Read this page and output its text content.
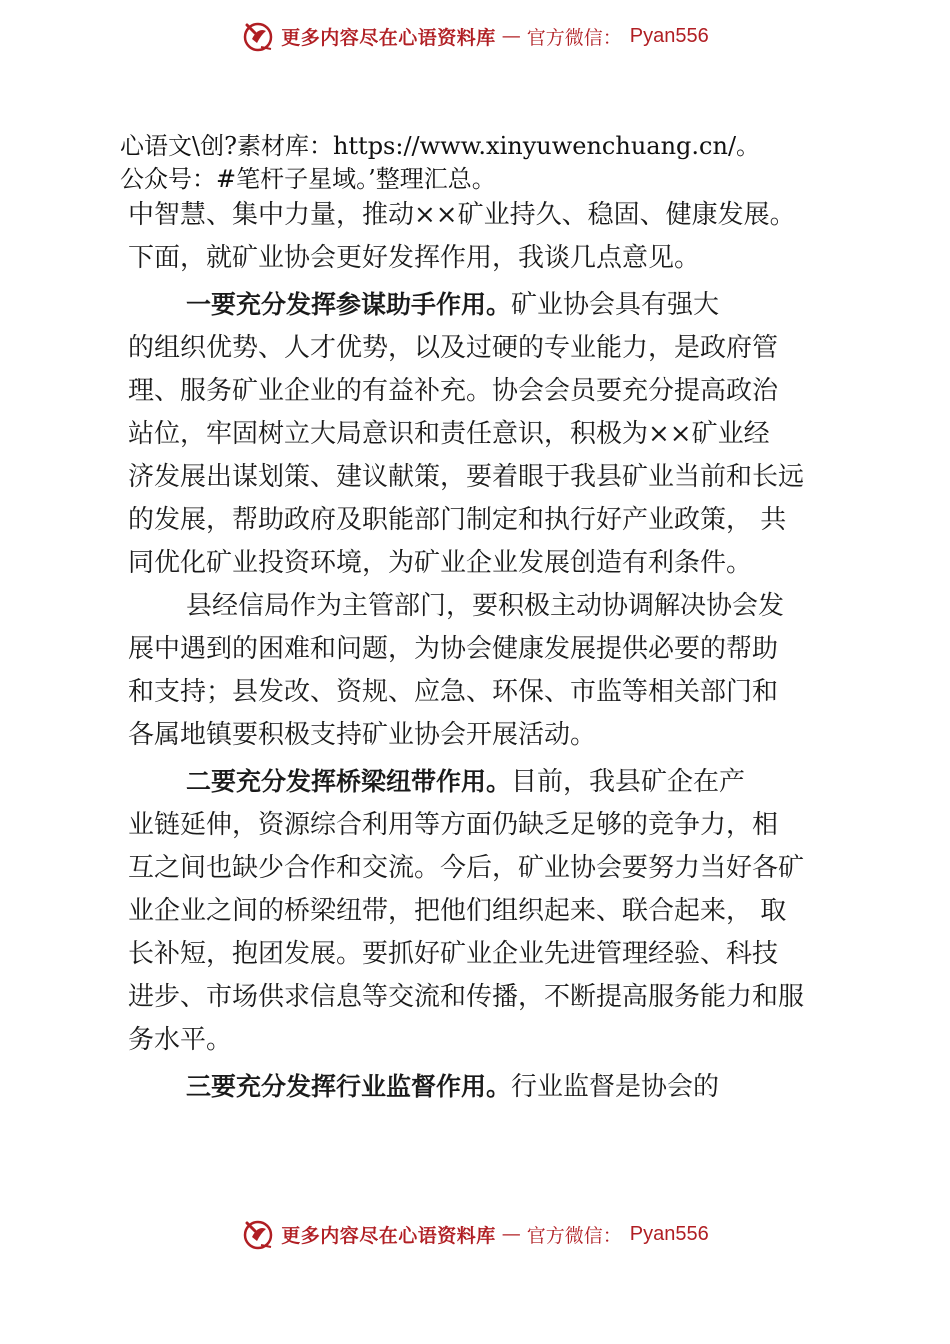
更多内容尽在心语资料库 — 官方微信： Pyan556
心语文\创?素材库：https://www.xinyuwenchuang.cn/。
公众号：#笔杆子星域。’整理汇总。
中智慧、集中力量，推动××矿业持久、稳固、健康发展。
下面，就矿业协会更好发挥作用，我谈几点意见。
一要充分发挥参谋助手作用。矿业协会具有强大
的组织优势、人才优势，以及过硬的专业能力，是政府管
理、服务矿业企业的有益补充。协会会员要充分提高政治
站位，牢固树立大局意识和责任意识，积极为××矿业经
济发展出谋划策、建议献策，要着眼于我县矿业当前和长远
的发展，帮助政府及职能部门制定和执行好产业政策， 共
同优化矿业投资环境，为矿业企业发展创造有利条件。
县经信局作为主管部门，要积极主动协调解决协会发
展中遇到的困难和问题，为协会健康发展提供必要的帮助
和支持；县发改、资规、应急、环保、市监等相关部门和
各属地镇要积极支持矿业协会开展活动。
二要充分发挥桥梁纽带作用。目前，我县矿企在产
业链延伸，资源综合利用等方面仍缺乏足够的竞争力，相
互之间也缺少合作和交流。今后，矿业协会要努力当好各矿
业企业之间的桥梁纽带，把他们组织起来、联合起来， 取
长补短，抱团发展。要抓好矿业企业先进管理经验、科技
进步、市场供求信息等交流和传播，不断提高服务能力和服
务水平。
三要充分发挥行业监督作用。行业监督是协会的
更多内容尽在心语资料库 — 官方微信： Pyan556
